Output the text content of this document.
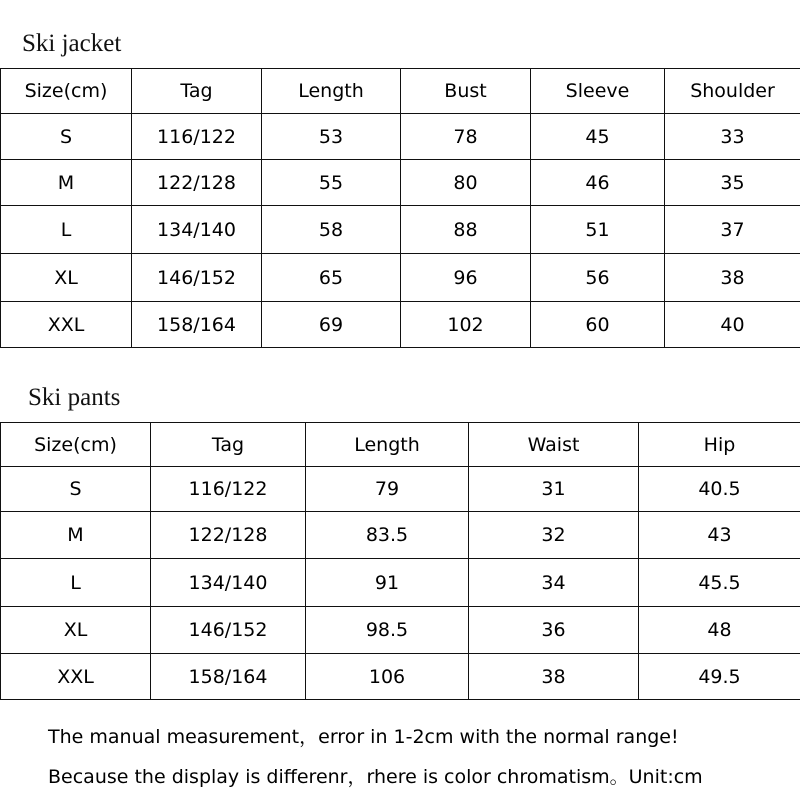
Ski jacket
Size(cm)	Tag	Length	Bust	Sleeve	Shoulder
S	116/122	53	78	45	33
M	122/128	55	80	46	35
L	134/140	58	88	51	37
XL	146/152	65	96	56	38
XXL	158/164	69	102	60	40
Ski pants
Size(cm)	Tag	Length	Waist	Hip
S	116/122	79	31	40.5
M	122/128	83.5	32	43
L	134/140	91	34	45.5
XL	146/152	98.5	36	48
XXL	158/164	106	38	49.5
The manual measurement，error in 1-2cm with the normal range!
Because the display is differenr，rhere is color chromatism。Unit:cm
